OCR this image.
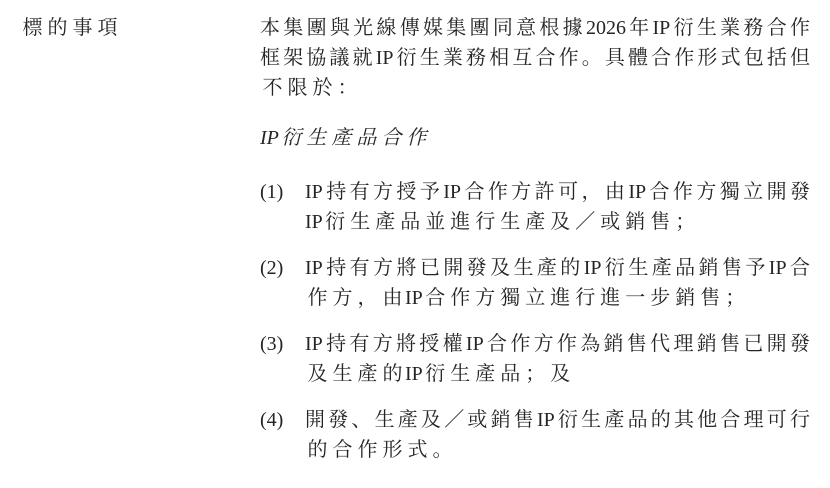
標 的 事 項	本集團與光線傳媒集團同意根據2026年IP衍生業務合作
框架協議就IP衍生業務相互合作。具體合作形式包括但
不 限 於 ：
IP 衍 生 產 品 合 作
(1)	IP持有方授予IP合作方許可，由IP合作方獨立開發
IP 衍 生 產 品 並 進 行 生 產 及 ／ 或 銷 售 ；
(2)	IP持有方將已開發及生產的IP衍生產品銷售予IP合
作 方 ， 由 IP 合 作 方 獨 立 進 行 進 一 步 銷 售 ；
(3)	IP持有方將授權IP合作方作為銷售代理銷售已開發
及 生 產 的 IP 衍 生 產 品 ； 及
(4)	開發、生產及／或銷售IP衍生產品的其他合理可行
的 合 作 形 式 。
